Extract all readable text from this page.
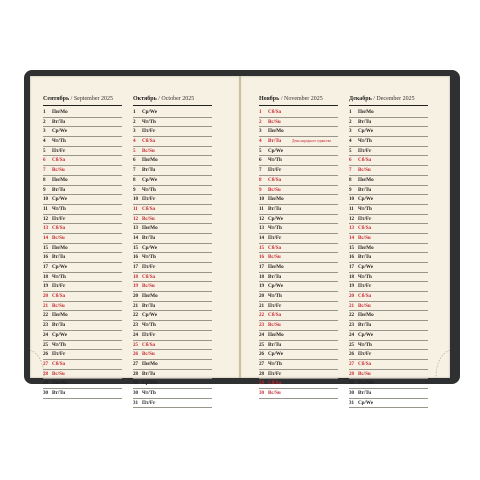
Сентябрь / September 2025
1	Пн/Mo
2	Вт/Tu
3	Ср/We
4	Чт/Th
5	Пт/Fr
6	Сб/Sa
7	Вс/Su
8	Пн/Mo
9	Вт/Tu
10 Ср/We
11 Чт/Th
12 Пт/Fr
13 Сб/Sa
14 Вс/Su
15 Пн/Mo
16 Вт/Tu
17 Ср/We
18 Чт/Th
19 Пт/Fr
20 Сб/Sa
21 Вс/Su
22 Пн/Mo
23 Вт/Tu
24 Ср/We
25 Чт/Th
26 Пт/Fr
27 Сб/Sa
28 Вс/Su
29 Пн/Mo
30 Вт/Tu
Октябрь / October 2025
1	Ср/We
2	Чт/Th
3	Пт/Fr
4	Сб/Sa
5	Вс/Su
6	Пн/Mo
7	Вт/Tu
8	Ср/We
9	Чт/Th
10 Пт/Fr
11 Сб/Sa
12 Вс/Su
13 Пн/Mo
14 Вт/Tu
15 Ср/We
16 Чт/Th
17 Пт/Fr
18 Сб/Sa
19 Вс/Su
20 Пн/Mo
21 Вт/Tu
22 Ср/We
23 Чт/Th
24 Пт/Fr
25 Сб/Sa
26 Вс/Su
27 Пн/Mo
28 Вт/Tu
29 Ср/We
30 Чт/Th
31 Пт/Fr
Ноябрь / November 2025
1	Сб/Sa
2	Вс/Su
3	Пн/Mo
4	Вт/Tu	День народного единства
5	Ср/We
6	Чт/Th
7	Пт/Fr
8	Сб/Sa
9	Вс/Su
10 Пн/Mo
11 Вт/Tu
12 Ср/We
13 Чт/Th
14 Пт/Fr
15 Сб/Sa
16 Вс/Su
17 Пн/Mo
18 Вт/Tu
19 Ср/We
20 Чт/Th
21 Пт/Fr
22 Сб/Sa
23 Вс/Su
24 Пн/Mo
25 Вт/Tu
26 Ср/We
27 Чт/Th
28 Пт/Fr
29 Сб/Sa
30 Вс/Su
Декабрь / December 2025
1	Пн/Mo
2	Вт/Tu
3	Ср/We
4	Чт/Th
5	Пт/Fr
6	Сб/Sa
7	Вс/Su
8	Пн/Mo
9	Вт/Tu
10 Ср/We
11 Чт/Th
12 Пт/Fr
13 Сб/Sa
14 Вс/Su
15 Пн/Mo
16 Вт/Tu
17 Ср/We
18 Чт/Th
19 Пт/Fr
20 Сб/Sa
21 Вс/Su
22 Пн/Mo
23 Вт/Tu
24 Ср/We
25 Чт/Th
26 Пт/Fr
27 Сб/Sa
28 Вс/Su
29 Пн/Mo
30 Вт/Tu
31 Ср/We
